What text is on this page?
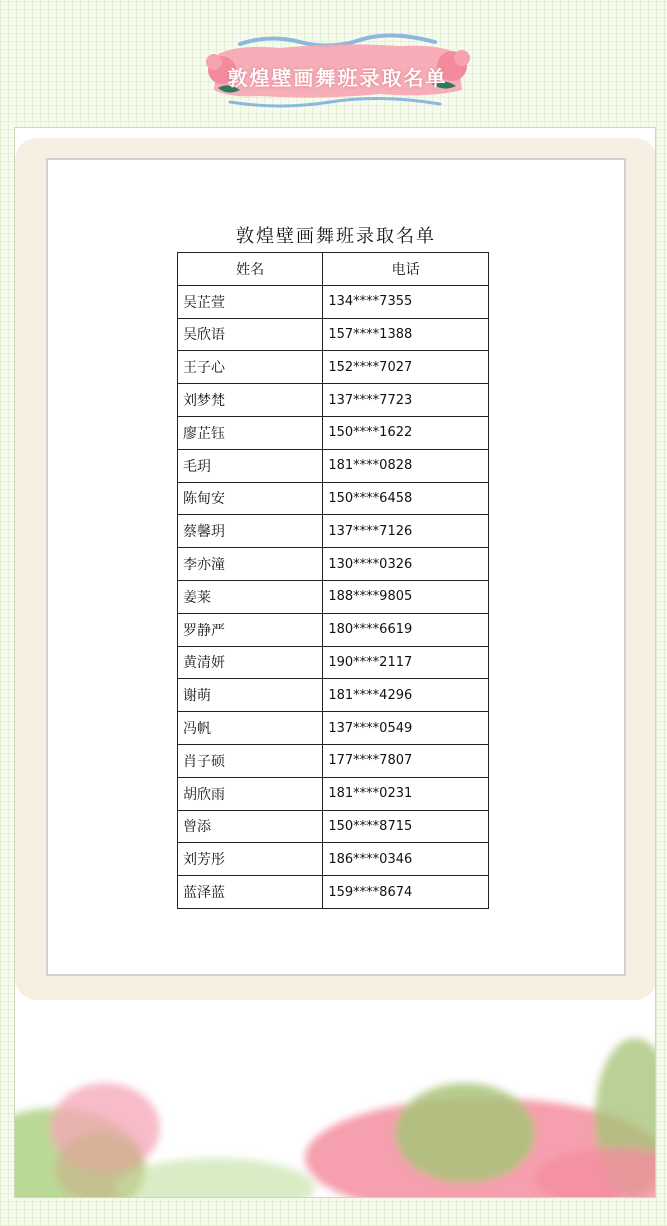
敦煌壁画舞班录取名单
敦煌壁画舞班录取名单
姓名	电话
吴芷萱	134****7355
吴欣语	157****1388
王子心	152****7027
刘梦梵	137****7723
廖芷钰	150****1622
毛玥	181****0828
陈甸安	150****6458
蔡馨玥	137****7126
李亦潼	130****0326
姜莱	188****9805
罗静严	180****6619
黄清妍	190****2117
谢萌	181****4296
冯帆	137****0549
肖子硕	177****7807
胡欣雨	181****0231
曾添	150****8715
刘芳彤	186****0346
蓝泽蓝	159****8674
